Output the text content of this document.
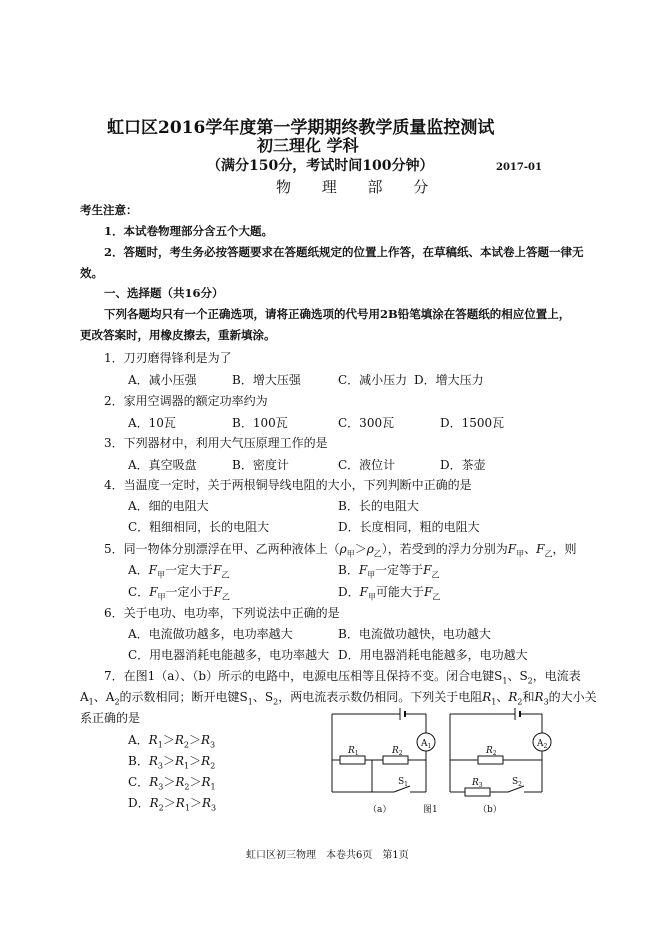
虹口区2016学年度第一学期期终教学质量监控测试
初三理化 学科
（满分150分，考试时间100分钟）	2017-01
物 理 部 分
考生注意：
1．本试卷物理部分含五个大题。
2．答题时，考生务必按答题要求在答题纸规定的位置上作答，在草稿纸、本试卷上答题一律无
效。
一、选择题（共16分）
下列各题均只有一个正确选项，请将正确选项的代号用2B铅笔填涂在答题纸的相应位置上，
更改答案时，用橡皮擦去，重新填涂。
1．刀刃磨得锋利是为了
A．减小压强	B．增大压强	C．减小压力 D．增大压力
2．家用空调器的额定功率约为
A．10瓦	B．100瓦	C．300瓦	D．1500瓦
3．下列器材中，利用大气压原理工作的是
A．真空吸盘	B．密度计	C．液位计	D．茶壶
4．当温度一定时，关于两根铜导线电阻的大小，下列判断中正确的是
A．细的电阻大	B．长的电阻大
C．粗细相同，长的电阻大	D．长度相同，粗的电阻大
5．同一物体分别漂浮在甲、乙两种液体上$(\rho_甲>\rho_乙)$，若受到的浮力分别为$F_甲$、$F_乙$，则
A．$F_甲$一定大于$F_乙$	B．$F_甲$一定等于$F_乙$
C．$F_甲$一定小于$F_乙$	D．$F_甲$可能大于$F_乙$
6．关于电功、电功率，下列说法中正确的是
A．电流做功越多，电功率越大	B．电流做功越快，电功越大
C．用电器消耗电能越多，电功率越大 D．用电器消耗电能越多，电功越大
7．在图1（a）、（b）所示的电路中，电源电压相等且保持不变。闭合电键$S_1$、$S_2$，电流表
$A_1$、$A_2$的示数相同；断开电键$S_1$、$S_2$，两电流表示数仍相同。下列关于电阻$R_1$、$R_2$和$R_3$的大小关
系正确的是
A．$R_1>R_2>R_3$
B．$R_3>R_1>R_2$
C．$R_3>R_2>R_1$
D．$R_2>R_1>R_3$
$A_1$	$A_2$
$R_1$	$R_2$
$S_1$
$R_2$
$R_3$	$S_2$
（a）	图1	（b）
虹口区初三物理　本卷共6页　第1页
